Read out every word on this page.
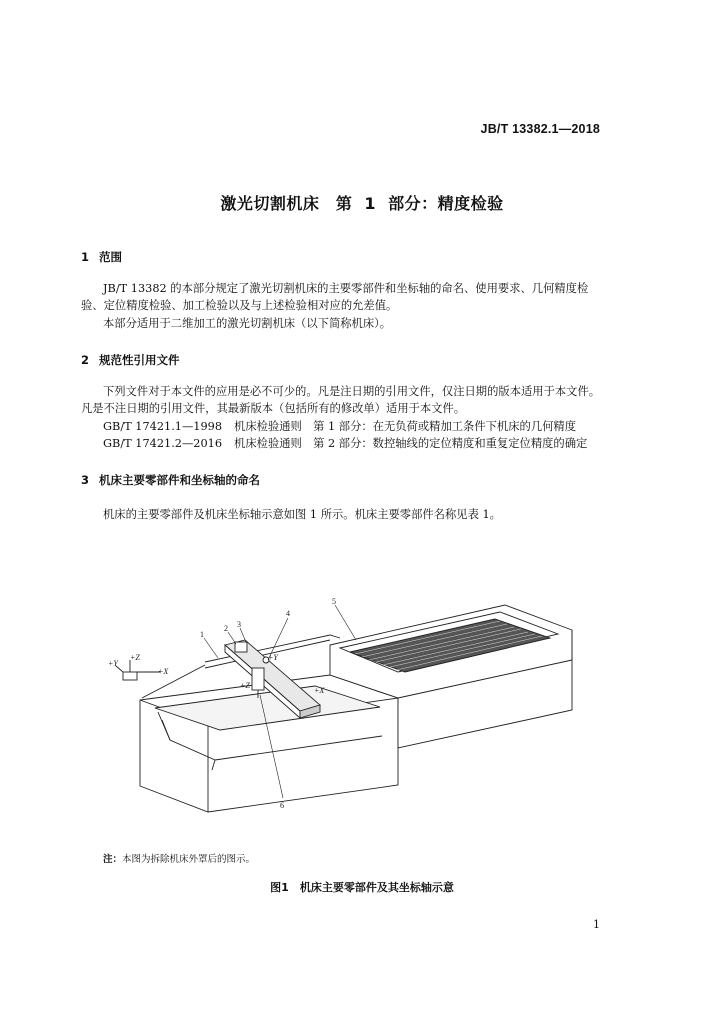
JB/T 13382.1—2018
激光切割机床　第 1 部分：精度检验
1 范围
JB/T 13382 的本部分规定了激光切割机床的主要零部件和坐标轴的命名、使用要求、几何精度检验、定位精度检验、加工检验以及与上述检验相对应的允差值。
本部分适用于二维加工的激光切割机床（以下简称机床）。
2 规范性引用文件
下列文件对于本文件的应用是必不可少的。凡是注日期的引用文件，仅注日期的版本适用于本文件。凡是不注日期的引用文件，其最新版本（包括所有的修改单）适用于本文件。
GB/T 17421.1—1998 机床检验通则　第 1 部分：在无负荷或精加工条件下机床的几何精度
GB/T 17421.2—2016 机床检验通则　第 2 部分：数控轴线的定位精度和重复定位精度的确定
3 机床主要零部件和坐标轴的命名
机床的主要零部件及机床坐标轴示意如图 1 所示。机床主要零部件名称见表 1。
1
2 3
4
5
6
+Y
+Z
+X
+Z
+X
+Y
注：本图为拆除机床外罩后的图示。
图1　机床主要零部件及其坐标轴示意
1
